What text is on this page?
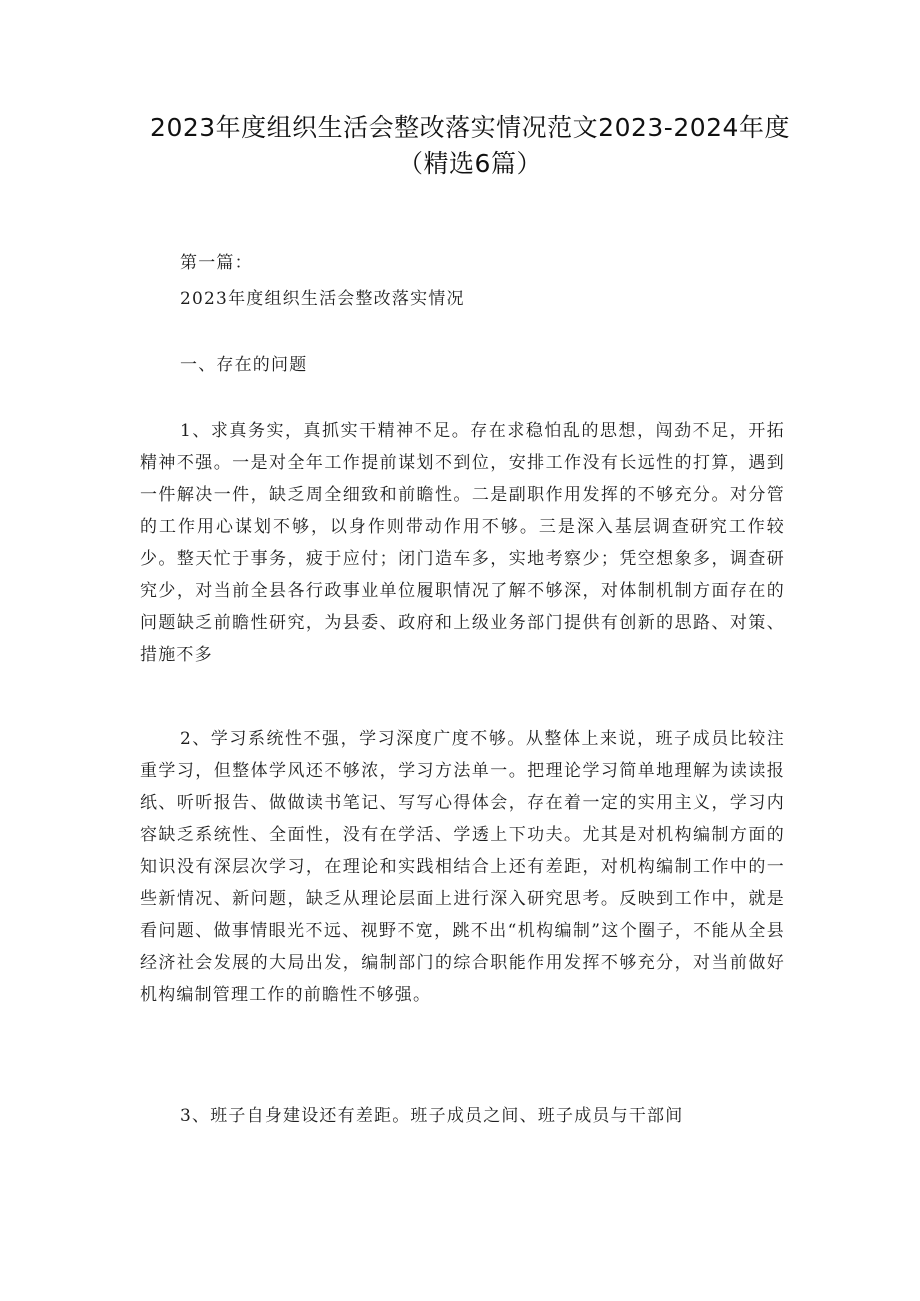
2023年度组织生活会整改落实情况范文2023-2024年度（精选6篇）
第一篇：
2023年度组织生活会整改落实情况
一、存在的问题
1、求真务实，真抓实干精神不足。存在求稳怕乱的思想，闯劲不足，开拓精神不强。一是对全年工作提前谋划不到位，安排工作没有长远性的打算，遇到一件解决一件，缺乏周全细致和前瞻性。二是副职作用发挥的不够充分。对分管的工作用心谋划不够，以身作则带动作用不够。三是深入基层调查研究工作较少。整天忙于事务，疲于应付；闭门造车多，实地考察少；凭空想象多，调查研究少，对当前全县各行政事业单位履职情况了解不够深，对体制机制方面存在的问题缺乏前瞻性研究，为县委、政府和上级业务部门提供有创新的思路、对策、措施不多
2、学习系统性不强，学习深度广度不够。从整体上来说，班子成员比较注重学习，但整体学风还不够浓，学习方法单一。把理论学习简单地理解为读读报纸、听听报告、做做读书笔记、写写心得体会，存在着一定的实用主义，学习内容缺乏系统性、全面性，没有在学活、学透上下功夫。尤其是对机构编制方面的知识没有深层次学习，在理论和实践相结合上还有差距，对机构编制工作中的一些新情况、新问题，缺乏从理论层面上进行深入研究思考。反映到工作中，就是看问题、做事情眼光不远、视野不宽，跳不出“机构编制”这个圈子，不能从全县经济社会发展的大局出发，编制部门的综合职能作用发挥不够充分，对当前做好机构编制管理工作的前瞻性不够强。
3、班子自身建设还有差距。班子成员之间、班子成员与干部间
